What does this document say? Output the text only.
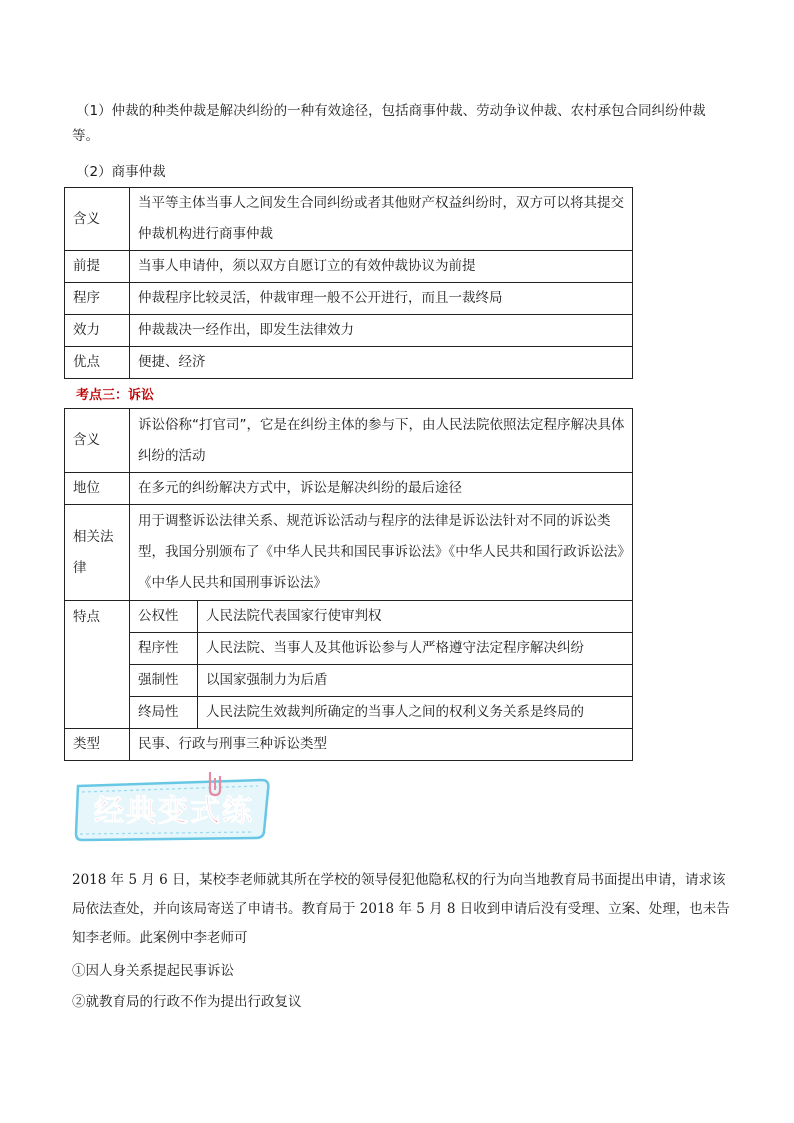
（1）仲裁的种类仲裁是解决纠纷的一种有效途径，包括商事仲裁、劳动争议仲裁、农村承包合同纠纷仲裁等。
（2）商事仲裁
含义	当平等主体当事人之间发生合同纠纷或者其他财产权益纠纷时，双方可以将其提交仲裁机构进行商事仲裁
前提	当事人申请仲，须以双方自愿订立的有效仲裁协议为前提
程序	仲裁程序比较灵活，仲裁审理一般不公开进行，而且一裁终局
效力	仲裁裁决一经作出，即发生法律效力
优点	便捷、经济
考点三：诉讼
含义	诉讼俗称“打官司”，它是在纠纷主体的参与下，由人民法院依照法定程序解决具体纠纷的活动	
地位	在多元的纠纷解决方式中，诉讼是解决纠纷的最后途径	
相关法律	用于调整诉讼法律关系、规范诉讼活动与程序的法律是诉讼法针对不同的诉讼类型，我国分别颁布了《中华人民共和国民事诉讼法》《中华人民共和国行政诉讼法》《中华人民共和国刑事诉讼法》	
特点	公权性	人民法院代表国家行使审判权
	程序性	人民法院、当事人及其他诉讼参与人严格遵守法定程序解决纠纷
	强制性	以国家强制力为后盾
	终局性	人民法院生效裁判所确定的当事人之间的权利义务关系是终局的
类型	民事、行政与刑事三种诉讼类型	
经典变式练
2018 年 5 月 6 日，某校李老师就其所在学校的领导侵犯他隐私权的行为向当地教育局书面提出申请，请求该局依法查处，并向该局寄送了申请书。教育局于 2018 年 5 月 8 日收到申请后没有受理、立案、处理，也未告知李老师。此案例中李老师可
①因人身关系提起民事诉讼
②就教育局的行政不作为提出行政复议
